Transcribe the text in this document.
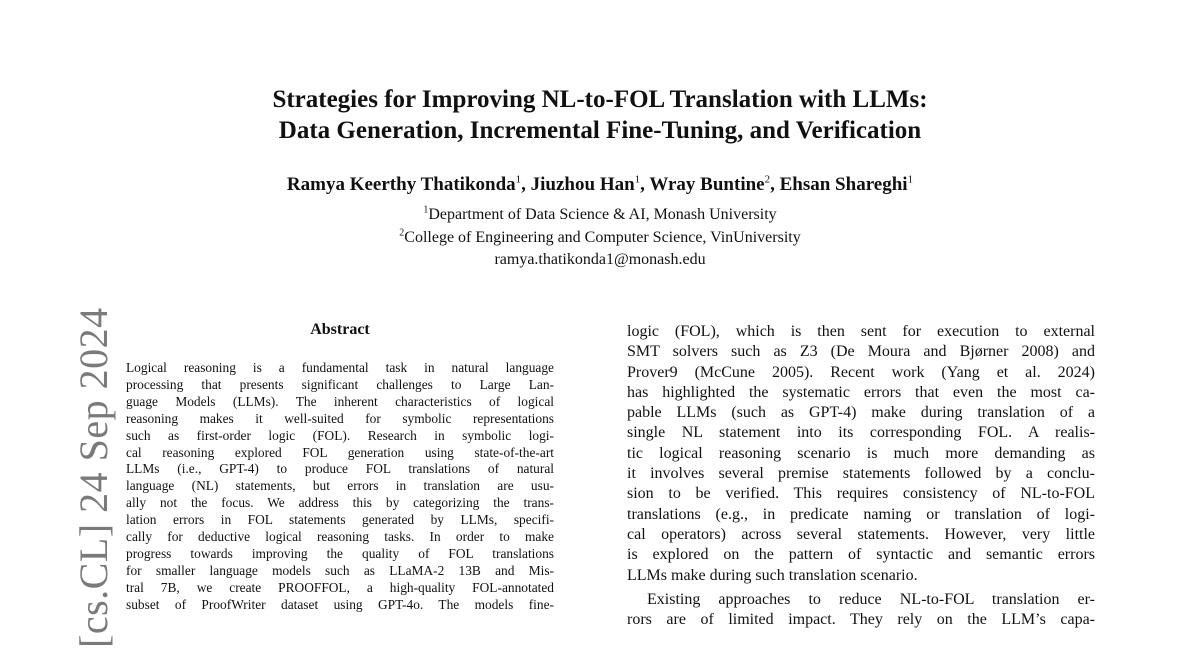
[cs.CL] 24 Sep 2024
Strategies for Improving NL-to-FOL Translation with LLMs:
Data Generation, Incremental Fine-Tuning, and Verification
Ramya Keerthy Thatikonda$^1$, Jiuzhou Han$^1$, Wray Buntine$^2$, Ehsan Shareghi$^1$
$^1$Department of Data Science & AI, Monash University
$^2$College of Engineering and Computer Science, VinUniversity
ramya.thatikonda1@monash.edu
Abstract
Logical reasoning is a fundamental task in natural language
processing that presents significant challenges to Large Lan-
guage Models (LLMs). The inherent characteristics of logical
reasoning makes it well-suited for symbolic representations
such as first-order logic (FOL). Research in symbolic logi-
cal reasoning explored FOL generation using state-of-the-art
LLMs (i.e., GPT-4) to produce FOL translations of natural
language (NL) statements, but errors in translation are usu-
ally not the focus. We address this by categorizing the trans-
lation errors in FOL statements generated by LLMs, specifi-
cally for deductive logical reasoning tasks. In order to make
progress towards improving the quality of FOL translations
for smaller language models such as LLaMA-2 13B and Mis-
tral 7B, we create PROOFFOL, a high-quality FOL-annotated
subset of ProofWriter dataset using GPT-4o. The models fine-
logic (FOL), which is then sent for execution to external
SMT solvers such as Z3 (De Moura and Bjørner 2008) and
Prover9 (McCune 2005). Recent work (Yang et al. 2024)
has highlighted the systematic errors that even the most ca-
pable LLMs (such as GPT-4) make during translation of a
single NL statement into its corresponding FOL. A realis-
tic logical reasoning scenario is much more demanding as
it involves several premise statements followed by a conclu-
sion to be verified. This requires consistency of NL-to-FOL
translations (e.g., in predicate naming or translation of logi-
cal operators) across several statements. However, very little
is explored on the pattern of syntactic and semantic errors
LLMs make during such translation scenario.
Existing approaches to reduce NL-to-FOL translation er-
rors are of limited impact. They rely on the LLM’s capa-
